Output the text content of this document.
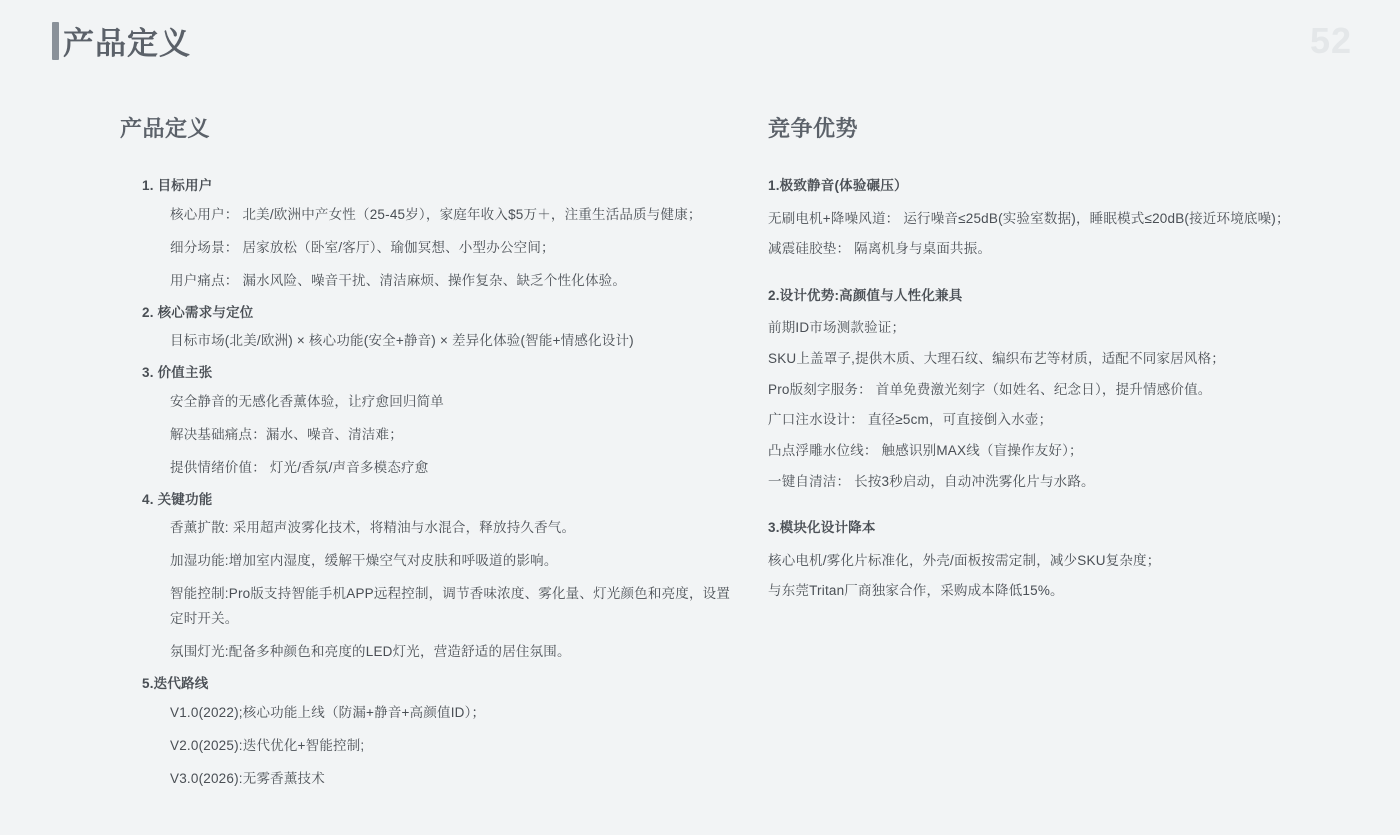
产品定义	52
产品定义
1. 目标用户
核心用户： 北美/欧洲中产女性（25-45岁），家庭年收入$5万＋，注重生活品质与健康；
细分场景： 居家放松（卧室/客厅）、瑜伽冥想、小型办公空间；
用户痛点： 漏水风险、噪音干扰、清洁麻烦、操作复杂、缺乏个性化体验。
2. 核心需求与定位
目标市场(北美/欧洲) × 核心功能(安全+静音) × 差异化体验(智能+情感化设计)
3. 价值主张
安全静音的无感化香薰体验，让疗愈回归简单
解决基础痛点：漏水、噪音、清洁难；
提供情绪价值： 灯光/香氛/声音多模态疗愈
4. 关键功能
香薰扩散: 采用超声波雾化技术，将精油与水混合，释放持久香气。
加湿功能:增加室内湿度，缓解干燥空气对皮肤和呼吸道的影响。
智能控制:Pro版支持智能手机APP远程控制，调节香味浓度、雾化量、灯光颜色和亮度，设置定时开关。
氛围灯光:配备多种颜色和亮度的LED灯光，营造舒适的居住氛围。
5.迭代路线
V1.0(2022);核心功能上线（防漏+静音+高颜值ID）；
V2.0(2025):迭代优化+智能控制;
V3.0(2026):无雾香薰技术
竞争优势
1.极致静音(体验碾压）
无刷电机+降噪风道： 运行噪音≤25dB(实验室数据)，睡眠模式≤20dB(接近环境底噪)；
减震硅胶垫： 隔离机身与桌面共振。
2.设计优势:高颜值与人性化兼具
前期ID市场测款验证；
SKU上盖罩子,提供木质、大理石纹、编织布艺等材质，适配不同家居风格；
Pro版刻字服务： 首单免费激光刻字（如姓名、纪念日），提升情感价值。
广口注水设计： 直径≥5cm，可直接倒入水壶；
凸点浮雕水位线： 触感识别MAX线（盲操作友好）；
一键自清洁： 长按3秒启动，自动冲洗雾化片与水路。
3.模块化设计降本
核心电机/雾化片标准化，外壳/面板按需定制，减少SKU复杂度；
与东莞Tritan厂商独家合作，采购成本降低15%。
